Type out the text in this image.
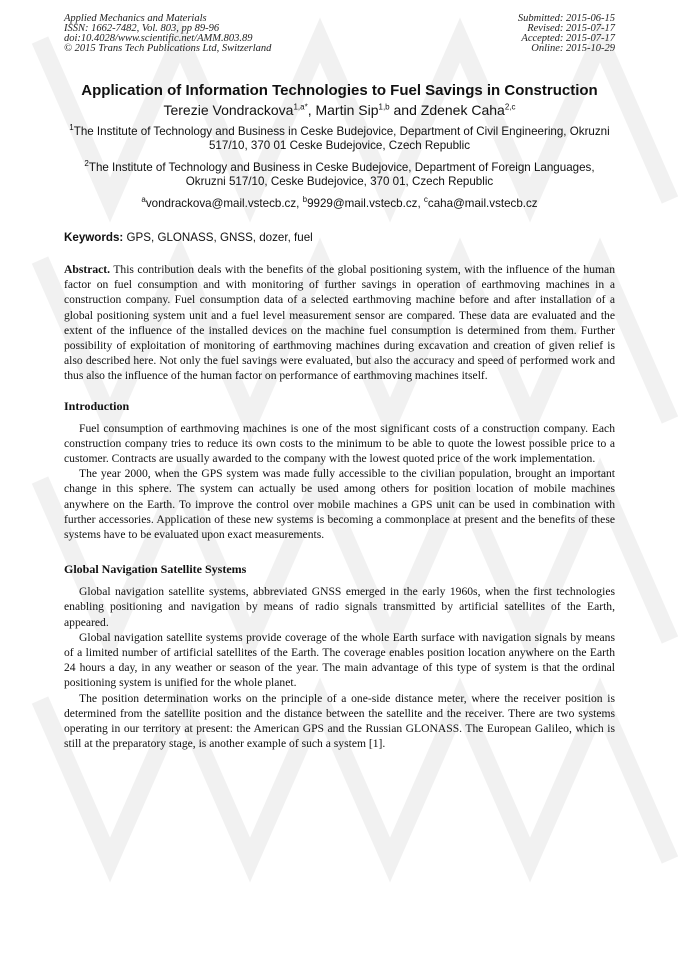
Applied Mechanics and Materials
ISSN: 1662-7482, Vol. 803, pp 89-96
doi:10.4028/www.scientific.net/AMM.803.89
© 2015 Trans Tech Publications Ltd, Switzerland
Submitted: 2015-06-15
Revised: 2015-07-17
Accepted: 2015-07-17
Online: 2015-10-29
Application of Information Technologies to Fuel Savings in Construction
Terezie Vondrackova$^{1,a*}$, Martin Sip$^{1,b}$ and Zdenek Caha$^{2,c}$
$^1$The Institute of Technology and Business in Ceske Budejovice, Department of Civil Engineering, Okruzni 517/10, 370 01 Ceske Budejovice, Czech Republic
$^2$The Institute of Technology and Business in Ceske Budejovice, Department of Foreign Languages, Okruzni 517/10, Ceske Budejovice, 370 01, Czech Republic
$^a$vondrackova@mail.vstecb.cz, $^b$9929@mail.vstecb.cz, $^c$caha@mail.vstecb.cz
Keywords: GPS, GLONASS, GNSS, dozer, fuel
Abstract. This contribution deals with the benefits of the global positioning system, with the influence of the human factor on fuel consumption and with monitoring of further savings in operation of earthmoving machines in a construction company. Fuel consumption data of a selected earthmoving machine before and after installation of a global positioning system unit and a fuel level measurement sensor are compared. These data are evaluated and the extent of the influence of the installed devices on the machine fuel consumption is determined from them. Further possibility of exploitation of monitoring of earthmoving machines during excavation and creation of given relief is also described here. Not only the fuel savings were evaluated, but also the accuracy and speed of performed work and thus also the influence of the human factor on performance of earthmoving machines itself.
Introduction

Fuel consumption of earthmoving machines is one of the most significant costs of a construction company. Each construction company tries to reduce its own costs to the minimum to be able to quote the lowest possible price to a customer. Contracts are usually awarded to the company with the lowest quoted price of the work implementation.

The year 2000, when the GPS system was made fully accessible to the civilian population, brought an important change in this sphere. The system can actually be used among others for position location of mobile machines anywhere on the Earth. To improve the control over mobile machines a GPS unit can be used in combination with further accessories. Application of these new systems is becoming a commonplace at present and the benefits of these systems have to be evaluated upon exact measurements.

Global Navigation Satellite Systems

Global navigation satellite systems, abbreviated GNSS emerged in the early 1960s, when the first technologies enabling positioning and navigation by means of radio signals transmitted by artificial satellites of the Earth, appeared.

Global navigation satellite systems provide coverage of the whole Earth surface with navigation signals by means of a limited number of artificial satellites of the Earth. The coverage enables position location anywhere on the Earth 24 hours a day, in any weather or season of the year. The main advantage of this type of system is that the ordinal positioning system is unified for the whole planet.

The position determination works on the principle of a one-side distance meter, where the receiver position is determined from the satellite position and the distance between the satellite and the receiver. There are two systems operating in our territory at present: the American GPS and the Russian GLONASS. The European Galileo, which is still at the preparatory stage, is another example of such a system [1].
